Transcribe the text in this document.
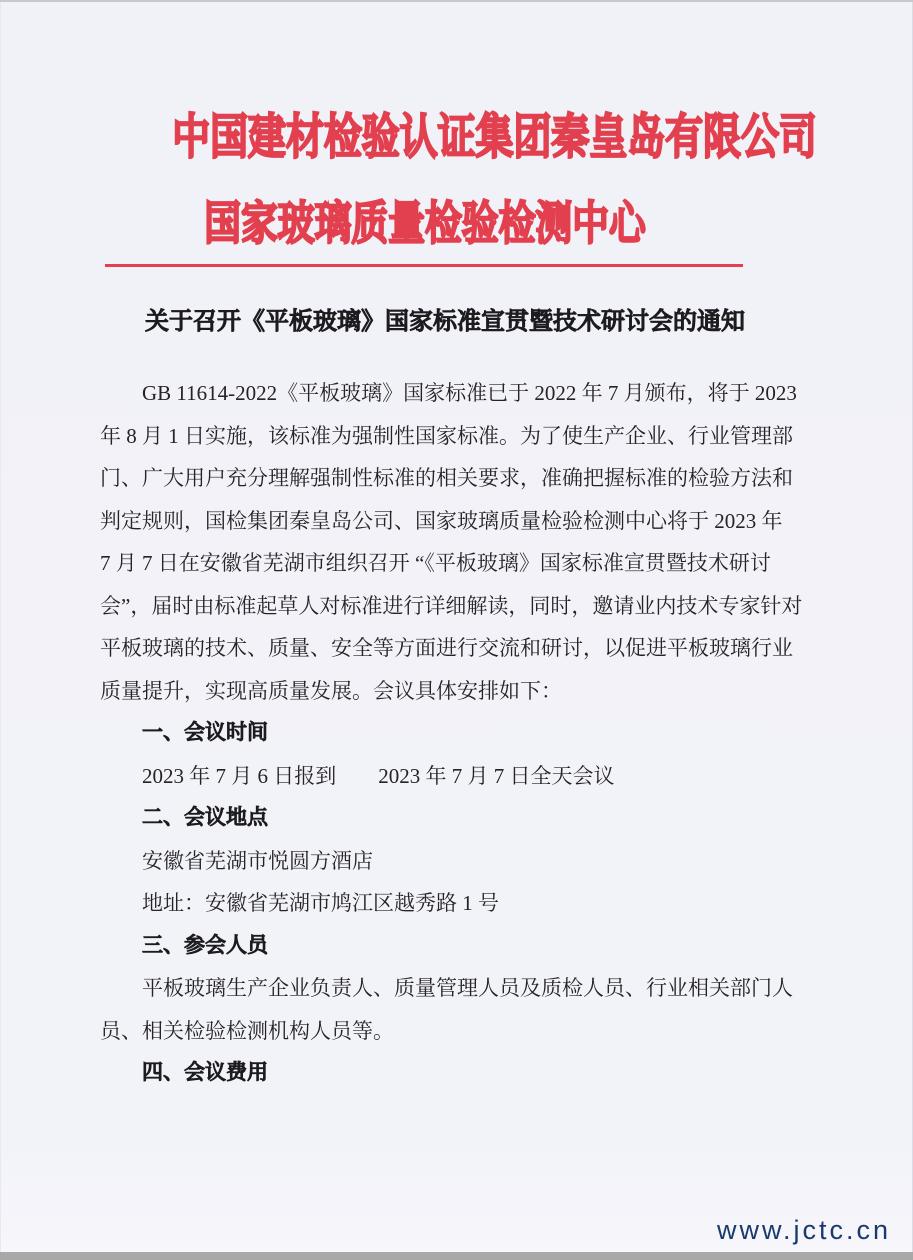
中国建材检验认证集团秦皇岛有限公司
国家玻璃质量检验检测中心
关于召开《平板玻璃》国家标准宣贯暨技术研讨会的通知
GB 11614-2022《平板玻璃》国家标准已于 2022 年 7 月颁布，将于 2023
年 8 月 1 日实施，该标准为强制性国家标准。为了使生产企业、行业管理部
门、广大用户充分理解强制性标准的相关要求，准确把握标准的检验方法和
判定规则，国检集团秦皇岛公司、国家玻璃质量检验检测中心将于 2023 年
7 月 7 日在安徽省芜湖市组织召开 “《平板玻璃》国家标准宣贯暨技术研讨
会”，届时由标准起草人对标准进行详细解读，同时，邀请业内技术专家针对
平板玻璃的技术、质量、安全等方面进行交流和研讨，以促进平板玻璃行业
质量提升，实现高质量发展。会议具体安排如下：
一、会议时间
2023 年 7 月 6 日报到　　2023 年 7 月 7 日全天会议
二、会议地点
安徽省芜湖市悦圆方酒店
地址：安徽省芜湖市鸠江区越秀路 1 号
三、参会人员
平板玻璃生产企业负责人、质量管理人员及质检人员、行业相关部门人
员、相关检验检测机构人员等。
四、会议费用
www.jctc.cn
